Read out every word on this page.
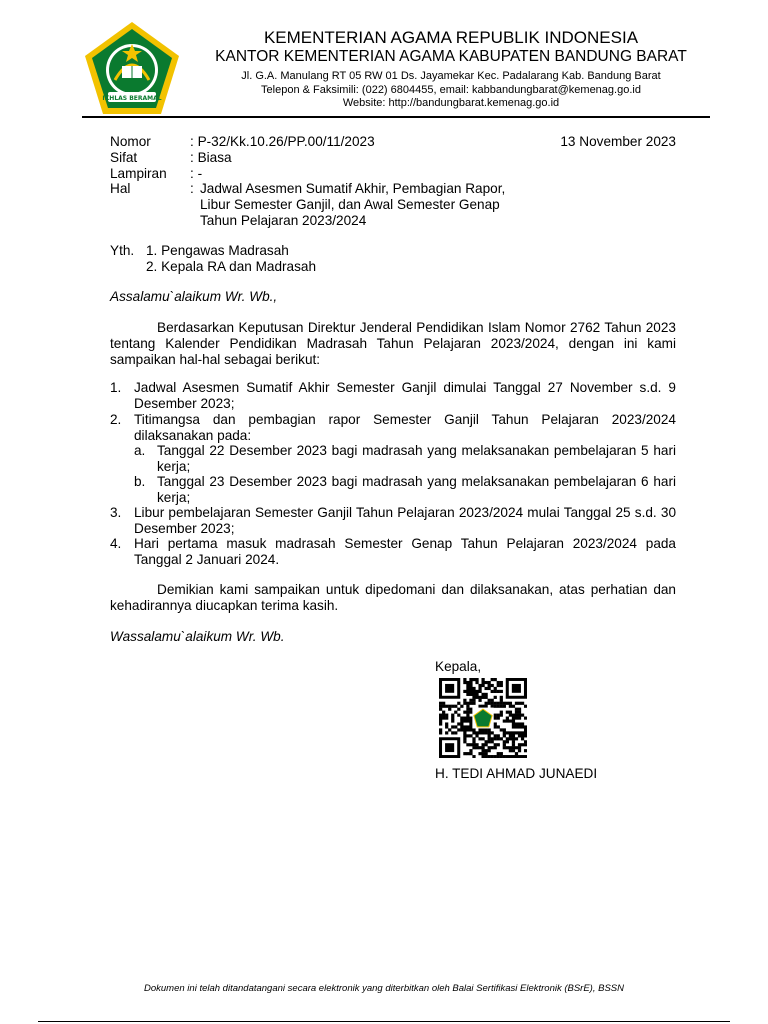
IKHLAS BERAMAL
KEMENTERIAN AGAMA REPUBLIK INDONESIA
KANTOR KEMENTERIAN AGAMA KABUPATEN BANDUNG BARAT
Jl. G.A. Manulang RT 05 RW 01 Ds. Jayamekar Kec. Padalarang Kab. Bandung Barat
Telepon & Faksimili: (022) 6804455, email: kabbandungbarat@kemenag.go.id
Website: http://bandungbarat.kemenag.go.id
Nomor	: P-32/Kk.10.26/PP.00/11/2023	13 November 2023
Sifat	: Biasa
Lampiran : -
Hal	: Jadwal Asesmen Sumatif Akhir, Pembagian Rapor,
Libur Semester Ganjil, dan Awal Semester Genap
Tahun Pelajaran 2023/2024
Yth. 1. Pengawas Madrasah
2. Kepala RA dan Madrasah
Assalamu`alaikum Wr. Wb.,
Berdasarkan Keputusan Direktur Jenderal Pendidikan Islam Nomor 2762 Tahun 2023 tentang Kalender Pendidikan Madrasah Tahun Pelajaran 2023/2024, dengan ini kami sampaikan hal-hal sebagai berikut:
1. Jadwal Asesmen Sumatif Akhir Semester Ganjil dimulai Tanggal 27 November s.d. 9 Desember 2023;
2. Titimangsa dan pembagian rapor Semester Ganjil Tahun Pelajaran 2023/2024 dilaksanakan pada:
a. Tanggal 22 Desember 2023 bagi madrasah yang melaksanakan pembelajaran 5 hari kerja;
b. Tanggal 23 Desember 2023 bagi madrasah yang melaksanakan pembelajaran 6 hari kerja;
3. Libur pembelajaran Semester Ganjil Tahun Pelajaran 2023/2024 mulai Tanggal 25 s.d. 30 Desember 2023;
4. Hari pertama masuk madrasah Semester Genap Tahun Pelajaran 2023/2024 pada Tanggal 2 Januari 2024.
Demikian kami sampaikan untuk dipedomani dan dilaksanakan, atas perhatian dan kehadirannya diucapkan terima kasih.
Wassalamu`alaikum Wr. Wb.
Kepala,
H. TEDI AHMAD JUNAEDI
Dokumen ini telah ditandatangani secara elektronik yang diterbitkan oleh Balai Sertifikasi Elektronik (BSrE), BSSN
